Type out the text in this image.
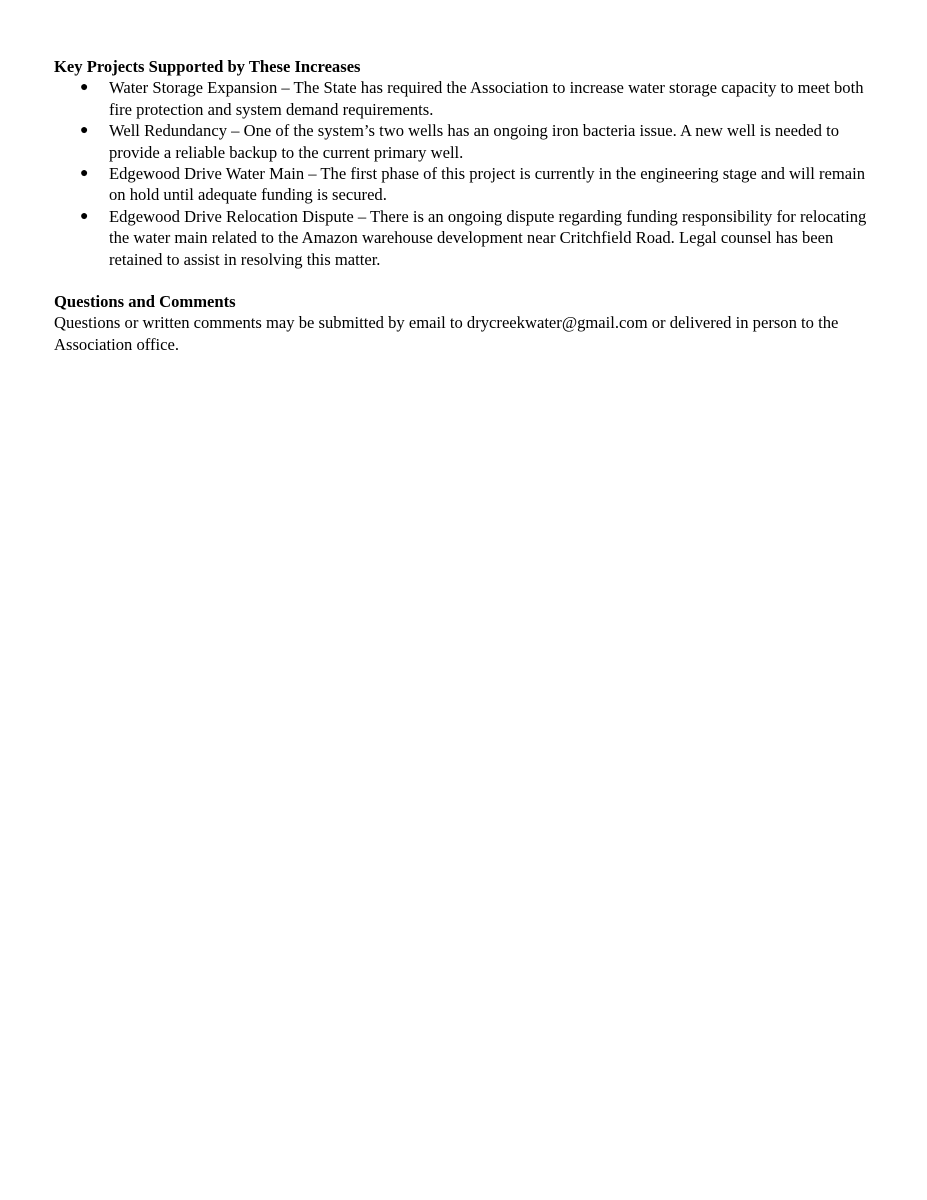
Key Projects Supported by These Increases
● Water Storage Expansion – The State has required the Association to increase water storage capacity to meet both fire protection and system demand requirements.
● Well Redundancy – One of the system’s two wells has an ongoing iron bacteria issue. A new well is needed to provide a reliable backup to the current primary well.
● Edgewood Drive Water Main – The first phase of this project is currently in the engineering stage and will remain on hold until adequate funding is secured.
● Edgewood Drive Relocation Dispute – There is an ongoing dispute regarding funding responsibility for relocating the water main related to the Amazon warehouse development near Critchfield Road. Legal counsel has been retained to assist in resolving this matter.
Questions and Comments

Questions or written comments may be submitted by email to drycreekwater@gmail.com or delivered in person to the Association office.
